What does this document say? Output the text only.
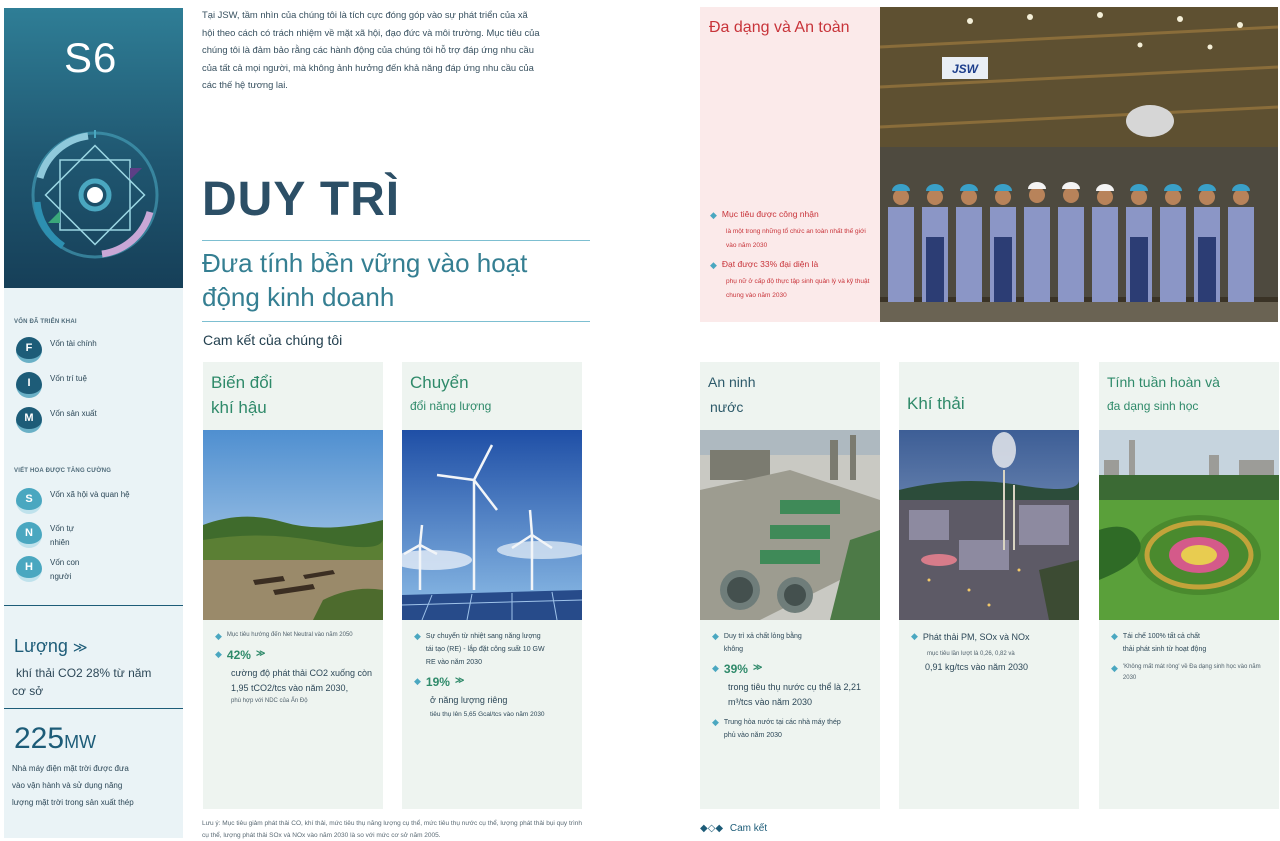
S6
VỐN ĐÃ TRIỂN KHAI
F	Vốn tài chính
I	Vốn trí tuệ
M	Vốn sản xuất
VIẾT HOA ĐƯỢC TĂNG CƯỜNG
S	Vốn xã hội và quan hệ
N	Vốn tự nhiên
H	Vốn con người
Lượng ≫
khí thải CO2 28% từ năm cơ sở
225MW
Nhà máy điện mặt trời được đưa vào vận hành và sử dụng năng lượng mặt trời trong sản xuất thép
Tại JSW, tầm nhìn của chúng tôi là tích cực đóng góp vào sự phát triển của xã hội theo cách có trách nhiệm về mặt xã hội, đạo đức và môi trường. Mục tiêu của chúng tôi là đảm bảo rằng các hành động của chúng tôi hỗ trợ đáp ứng nhu cầu của tất cả mọi người, mà không ảnh hưởng đến khả năng đáp ứng nhu cầu của các thế hệ tương lai.
DUY TRÌ
Đưa tính bền vững vào hoạt động kinh doanh
Cam kết của chúng tôi
Biến đổi
khí hậu
◆ Mục tiêu hướng đến Net Neutral vào năm 2050
◆ 42% ≫
cường độ phát thải CO2 xuống còn 1,95 tCO2/tcs vào năm 2030,
phù hợp với NDC của Ấn Độ
Chuyển
đổi năng lượng
◆ Sự chuyển từ nhiệt sang năng lượng tái tạo (RE) - lắp đặt công suất 10 GW RE vào năm 2030
◆ 19% ≫
ở năng lượng riêng
tiêu thụ lên 5,65 Gcal/tcs vào năm 2030
Lưu ý: Mục tiêu giảm phát thải CO, khí thải, mức tiêu thụ năng lượng cụ thể, mức tiêu thụ nước cụ thể, lượng phát thải bụi quy trình cụ thể, lượng phát thải SOx và NOx vào năm 2030 là so với mức cơ sở năm 2005.
Đa dạng và An toàn
◆ Mục tiêu được công nhận
là một trong những tổ chức an toàn nhất thế giới vào năm 2030
◆ Đạt được 33% đại diện là
phụ nữ ở cấp độ thực tập sinh quản lý và kỹ thuật chung vào năm 2030
JSW
An ninh
nước
◆ Duy trì xả chất lỏng bằng không
◆ 39% ≫
trong tiêu thụ nước cụ thể là 2,21 m³/tcs vào năm 2030
◆ Trung hòa nước tại các nhà máy thép phủ vào năm 2030
Khí thải
◆ Phát thải PM, SOx và NOx
mục tiêu lần lượt là 0,26, 0,82 và
0,91 kg/tcs vào năm 2030
Tính tuần hoàn và
đa dạng sinh học
◆ Tái chế 100% tất cả chất thải phát sinh từ hoạt động
◆ 'Không mất mát ròng' về Đa dạng sinh học vào năm 2030
◆◇◆ Cam kết
